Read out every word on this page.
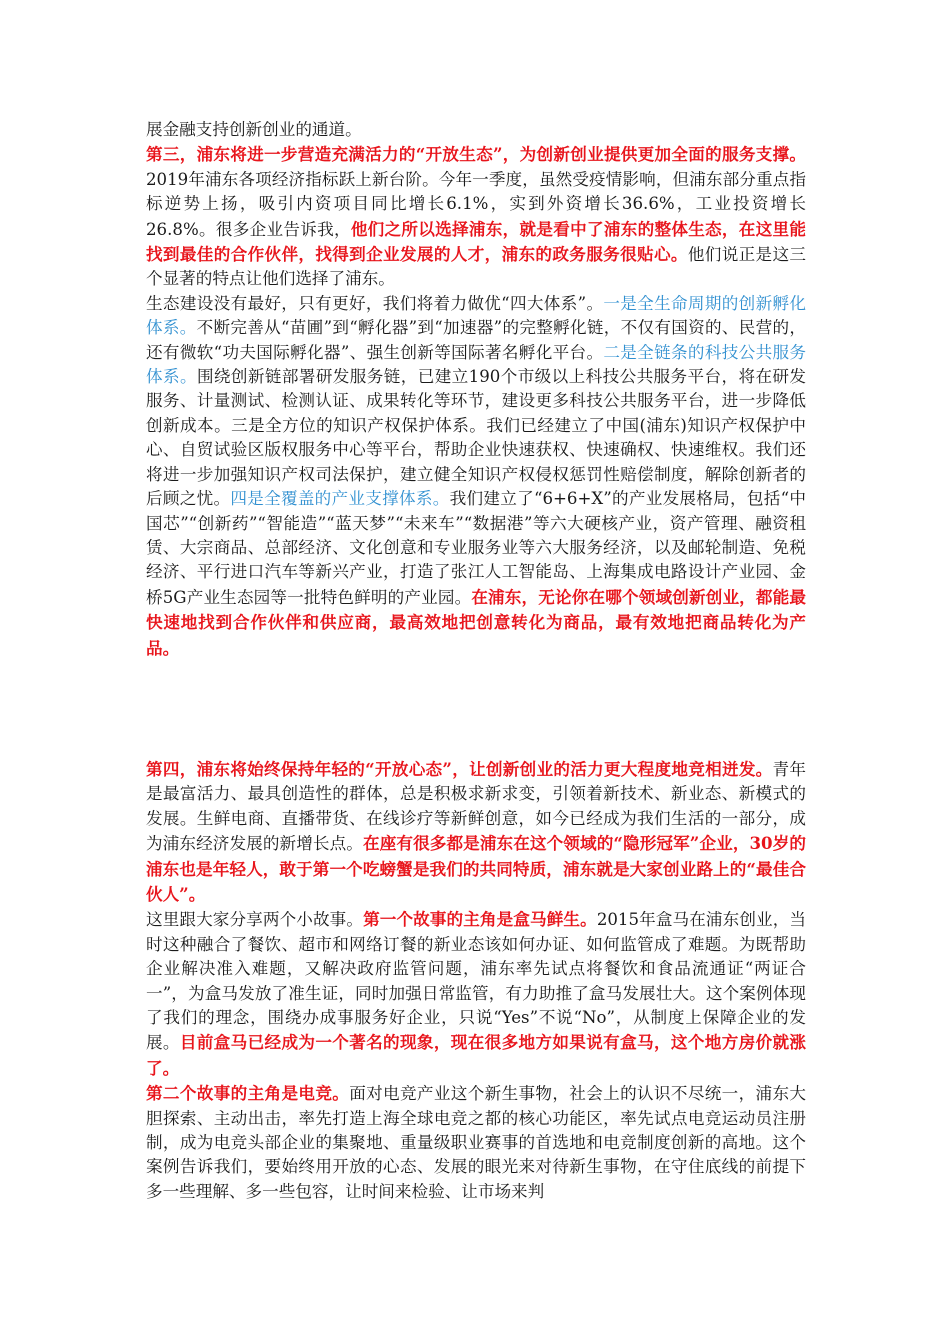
展金融支持创新创业的通道。

第三，浦东将进一步营造充满活力的“开放生态”，为创新创业提供更加全面的服务支撑。2019年浦东各项经济指标跃上新台阶。今年一季度，虽然受疫情影响，但浦东部分重点指标逆势上扬，吸引内资项目同比增长6.1%，实到外资增长36.6%，工业投资增长26.8%。很多企业告诉我，他们之所以选择浦东，就是看中了浦东的整体生态，在这里能找到最佳的合作伙伴，找得到企业发展的人才，浦东的政务服务很贴心。他们说正是这三个显著的特点让他们选择了浦东。

生态建设没有最好，只有更好，我们将着力做优“四大体系”。一是全生命周期的创新孵化体系。不断完善从“苗圃”到“孵化器”到“加速器”的完整孵化链，不仅有国资的、民营的，还有微软“功夫国际孵化器”、强生创新等国际著名孵化平台。二是全链条的科技公共服务体系。围绕创新链部署研发服务链，已建立190个市级以上科技公共服务平台，将在研发服务、计量测试、检测认证、成果转化等环节，建设更多科技公共服务平台，进一步降低创新成本。三是全方位的知识产权保护体系。我们已经建立了中国(浦东)知识产权保护中心、自贸试验区版权服务中心等平台，帮助企业快速获权、快速确权、快速维权。我们还将进一步加强知识产权司法保护，建立健全知识产权侵权惩罚性赔偿制度，解除创新者的后顾之忧。四是全覆盖的产业支撑体系。我们建立了“6+6+X”的产业发展格局，包括“中国芯”“创新药”“智能造”“蓝天梦”“未来车”“数据港”等六大硬核产业，资产管理、融资租赁、大宗商品、总部经济、文化创意和专业服务业等六大服务经济，以及邮轮制造、免税经济、平行进口汽车等新兴产业，打造了张江人工智能岛、上海集成电路设计产业园、金桥5G产业生态园等一批特色鲜明的产业园。在浦东，无论你在哪个领域创新创业，都能最快速地找到合作伙伴和供应商，最高效地把创意转化为商品，最有效地把商品转化为产品。

第四，浦东将始终保持年轻的“开放心态”，让创新创业的活力更大程度地竞相迸发。青年是最富活力、最具创造性的群体，总是积极求新求变，引领着新技术、新业态、新模式的发展。生鲜电商、直播带货、在线诊疗等新鲜创意，如今已经成为我们生活的一部分，成为浦东经济发展的新增长点。在座有很多都是浦东在这个领域的“隐形冠军”企业，30岁的浦东也是年轻人，敢于第一个吃螃蟹是我们的共同特质，浦东就是大家创业路上的“最佳合伙人”。

这里跟大家分享两个小故事。第一个故事的主角是盒马鲜生。2015年盒马在浦东创业，当时这种融合了餐饮、超市和网络订餐的新业态该如何办证、如何监管成了难题。为既帮助企业解决准入难题，又解决政府监管问题，浦东率先试点将餐饮和食品流通证“两证合一”，为盒马发放了准生证，同时加强日常监管，有力助推了盒马发展壮大。这个案例体现了我们的理念，围绕办成事服务好企业，只说“Yes”不说“No”，从制度上保障企业的发展。目前盒马已经成为一个著名的现象，现在很多地方如果说有盒马，这个地方房价就涨了。

第二个故事的主角是电竞。面对电竞产业这个新生事物，社会上的认识不尽统一，浦东大胆探索、主动出击，率先打造上海全球电竞之都的核心功能区，率先试点电竞运动员注册制，成为电竞头部企业的集聚地、重量级职业赛事的首选地和电竞制度创新的高地。这个案例告诉我们，要始终用开放的心态、发展的眼光来对待新生事物，在守住底线的前提下多一些理解、多一些包容，让时间来检验、让市场来判
